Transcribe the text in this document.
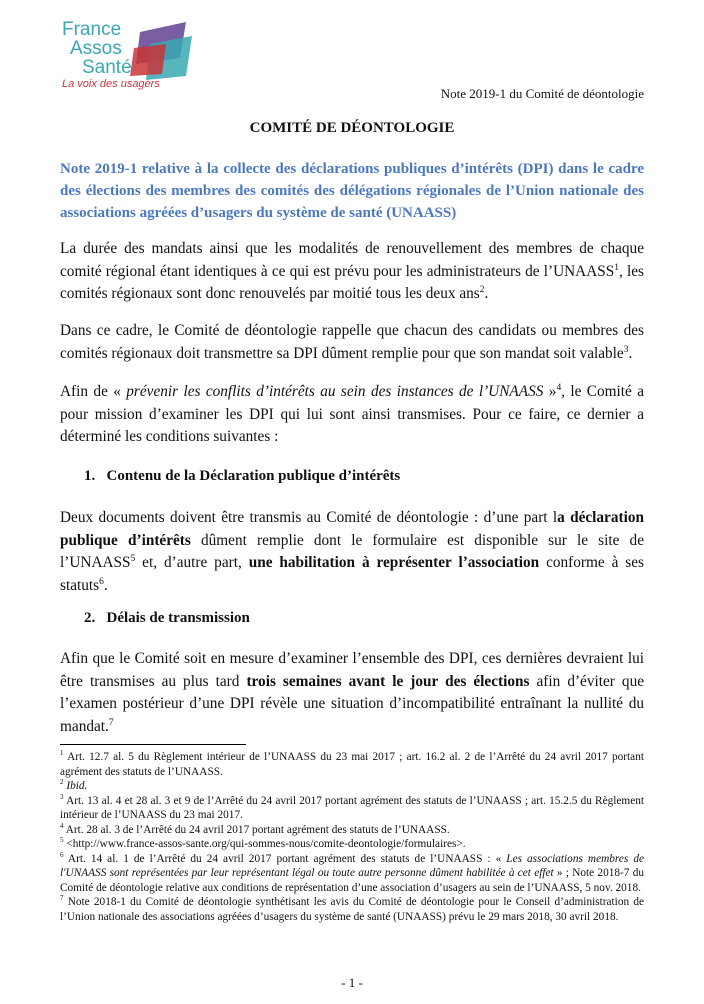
France
Assos
Santé
La voix des usagers
Note 2019-1 du Comité de déontologie
COMITÉ DE DÉONTOLOGIE
Note 2019-1 relative à la collecte des déclarations publiques d’intérêts (DPI) dans le cadre des élections des membres des comités des délégations régionales de l’Union nationale des associations agréées d’usagers du système de santé (UNAASS)
La durée des mandats ainsi que les modalités de renouvellement des membres de chaque comité régional étant identiques à ce qui est prévu pour les administrateurs de l’UNAASS$^1$, les comités régionaux sont donc renouvelés par moitié tous les deux ans$^2$.
Dans ce cadre, le Comité de déontologie rappelle que chacun des candidats ou membres des comités régionaux doit transmettre sa DPI dûment remplie pour que son mandat soit valable$^3$.
Afin de « prévenir les conflits d’intérêts au sein des instances de l’UNAASS »$^4$, le Comité a pour mission d’examiner les DPI qui lui sont ainsi transmises. Pour ce faire, ce dernier a déterminé les conditions suivantes :
1.   Contenu de la Déclaration publique d’intérêts
Deux documents doivent être transmis au Comité de déontologie : d’une part la déclaration publique d’intérêts dûment remplie dont le formulaire est disponible sur le site de l’UNAASS$^5$ et, d’autre part, une habilitation à représenter l’association conforme à ses statuts$^6$.
2.   Délais de transmission
Afin que le Comité soit en mesure d’examiner l’ensemble des DPI, ces dernières devraient lui être transmises au plus tard trois semaines avant le jour des élections afin d’éviter que l’examen postérieur d’une DPI révèle une situation d’incompatibilité entraînant la nullité du mandat.$^7$

$^1$ Art. 12.7 al. 5 du Règlement intérieur de l’UNAASS du 23 mai 2017 ; art. 16.2 al. 2 de l’Arrêté du 24 avril 2017 portant agrément des statuts de l’UNAASS.

$^2$ Ibid.

$^3$ Art. 13 al. 4 et 28 al. 3 et 9 de l’Arrêté du 24 avril 2017 portant agrément des statuts de l’UNAASS ; art. 15.2.5 du Règlement intérieur de l’UNAASS du 23 mai 2017.

$^4$ Art. 28 al. 3 de l’Arrêté du 24 avril 2017 portant agrément des statuts de l’UNAASS.

$^5$ <http://www.france-assos-sante.org/qui-sommes-nous/comite-deontologie/formulaires>.

$^6$ Art. 14 al. 1 de l’Arrêté du 24 avril 2017 portant agrément des statuts de l’UNAASS : « Les associations membres de l'UNAASS sont représentées par leur représentant légal ou toute autre personne dûment habilitée à cet effet » ; Note 2018-7 du Comité de déontologie relative aux conditions de représentation d’une association d’usagers au sein de l’UNAASS, 5 nov. 2018.

$^7$ Note 2018-1 du Comité de déontologie synthétisant les avis du Comité de déontologie pour le Conseil d’administration de l’Union nationale des associations agréées d’usagers du système de santé (UNAASS) prévu le 29 mars 2018, 30 avril 2018.

- 1 -
